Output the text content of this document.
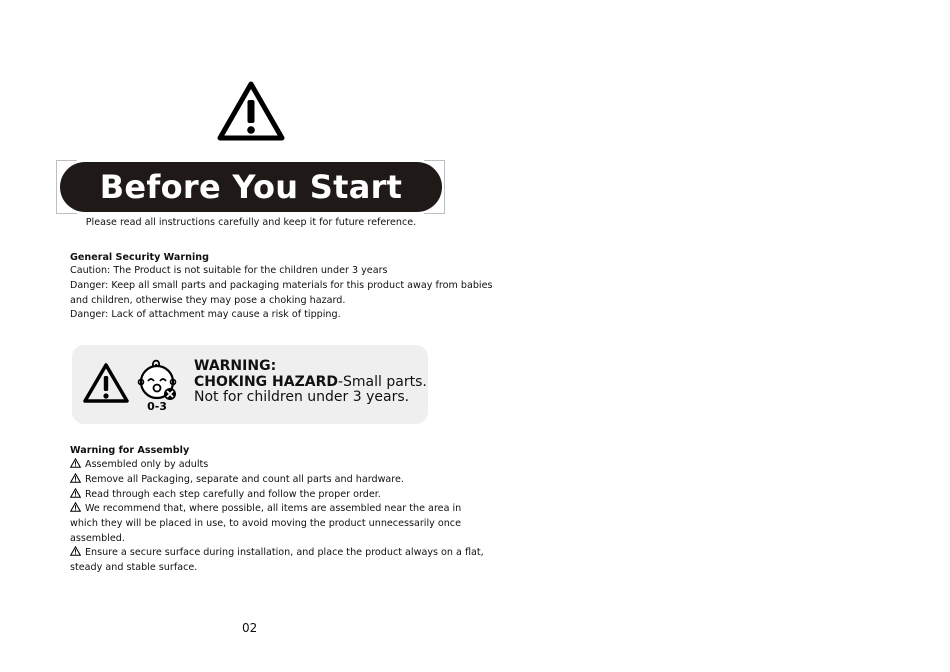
Before You Start
Please read all instructions carefully and keep it for future reference.
General Security Warning
Caution: The Product is not suitable for the children under 3 years
Danger: Keep all small parts and packaging materials for this product away from babies
and children, otherwise they may pose a choking hazard.
Danger: Lack of attachment may cause a risk of tipping.
0-3
WARNING:
CHOKING HAZARD-Small parts.
Not for children under 3 years.
Warning for Assembly
Assembled only by adults
Remove all Packaging, separate and count all parts and hardware.
Read through each step carefully and follow the proper order.
We recommend that, where possible, all items are assembled near the area in
which they will be placed in use, to avoid moving the product unnecessarily once
assembled.
Ensure a secure surface during installation, and place the product always on a flat,
steady and stable surface.
02
